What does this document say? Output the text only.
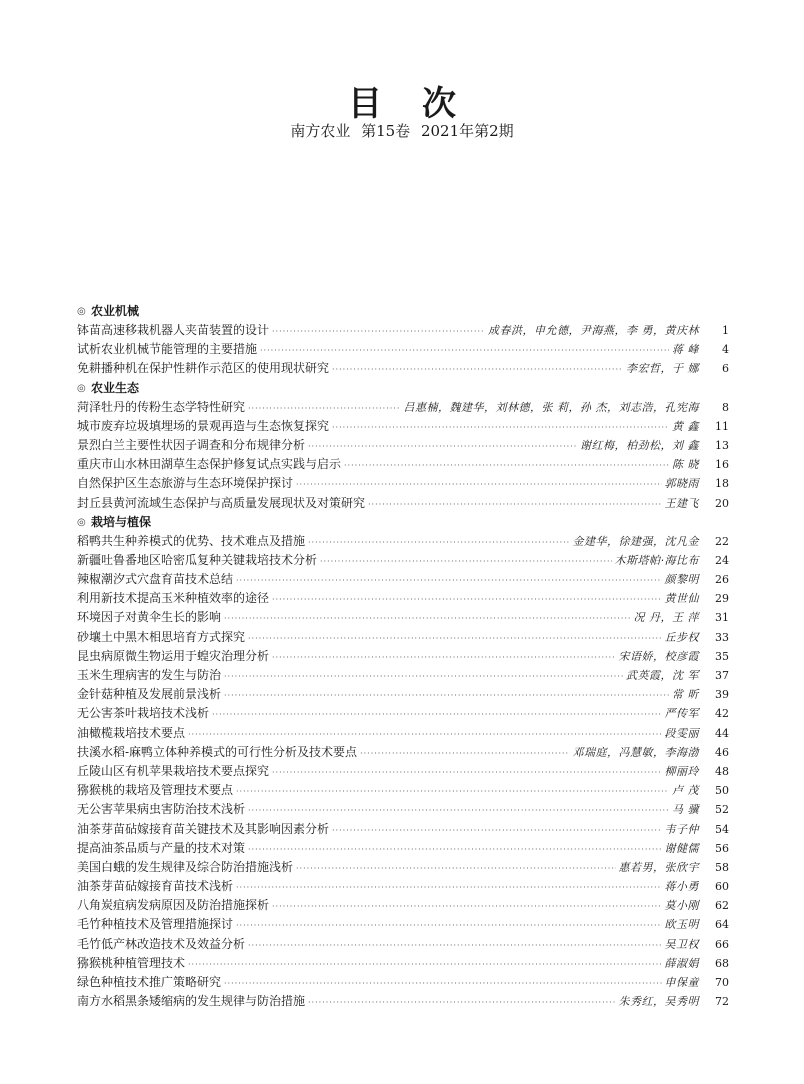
目 次
南方农业 第15卷 2021年第2期
◎ 农业机械
钵苗高速移栽机器人夹苗装置的设计 ·····	成春洪，申允德，尹海燕，李 勇，黄庆林	1
试析农业机械节能管理的主要措施 ·····	蒋 峰	4
免耕播种机在保护性耕作示范区的使用现状研究 ·····	李宏哲，于 娜	6
◎ 农业生态
菏泽牡丹的传粉生态学特性研究 ·····	吕惠楠，魏建华，刘林德，张 莉，孙 杰，刘志浩，孔宪海	8
城市废弃垃圾填埋场的景观再造与生态恢复探究 ·····	黄 鑫	11
景烈白兰主要性状因子调查和分布规律分析 ·····	谢红梅，柏劲松，刘 鑫	13
重庆市山水林田湖草生态保护修复试点实践与启示 ·····	陈 晓	16
自然保护区生态旅游与生态环境保护探讨 ·····	郭晓雨	18
封丘县黄河流域生态保护与高质量发展现状及对策研究 ·····	王建飞	20
◎ 栽培与植保
稻鸭共生种养模式的优势、技术难点及措施 ·····	金建华，徐建强，沈凡金	22
新疆吐鲁番地区哈密瓜复种关键栽培技术分析 ·····	木斯塔帕·海比布	24
辣椒潮汐式穴盘育苗技术总结 ·····	颜黎明	26
利用新技术提高玉米种植效率的途径 ·····	黄世仙	29
环境因子对黄伞生长的影响 ·····	况 丹，王 萍	31
砂壤土中黑木相思培育方式探究 ·····	丘步权	33
昆虫病原微生物运用于蝗灾治理分析 ·····	宋语娇，校彦霞	35
玉米生理病害的发生与防治 ·····	武英霞，沈 军	37
金针菇种植及发展前景浅析 ·····	常 昕	39
无公害茶叶栽培技术浅析 ·····	严传军	42
油橄榄栽培技术要点 ·····	段雯丽	44
扶溪水稻-麻鸭立体种养模式的可行性分析及技术要点 ·····	邓瑞庭，冯慧敏，李海渤	46
丘陵山区有机苹果栽培技术要点探究 ·····	柳丽玲	48
猕猴桃的栽培及管理技术要点 ·····	卢 茂	50
无公害苹果病虫害防治技术浅析 ·····	马 骥	52
油茶芽苗砧嫁接育苗关键技术及其影响因素分析 ·····	韦子仲	54
提高油茶品质与产量的技术对策 ·····	谢健儒	56
美国白蛾的发生规律及综合防治措施浅析 ·····	惠若男，张欣宇	58
油茶芽苗砧嫁接育苗技术浅析 ·····	蒋小勇	60
八角炭疽病发病原因及防治措施探析 ·····	莫小刚	62
毛竹种植技术及管理措施探讨 ·····	欧玉明	64
毛竹低产林改造技术及效益分析 ·····	吴卫权	66
猕猴桃种植管理技术 ·····	薛淑娟	68
绿色种植技术推广策略研究 ·····	申保童	70
南方水稻黑条矮缩病的发生规律与防治措施 ·····	朱秀红，吴秀明	72
